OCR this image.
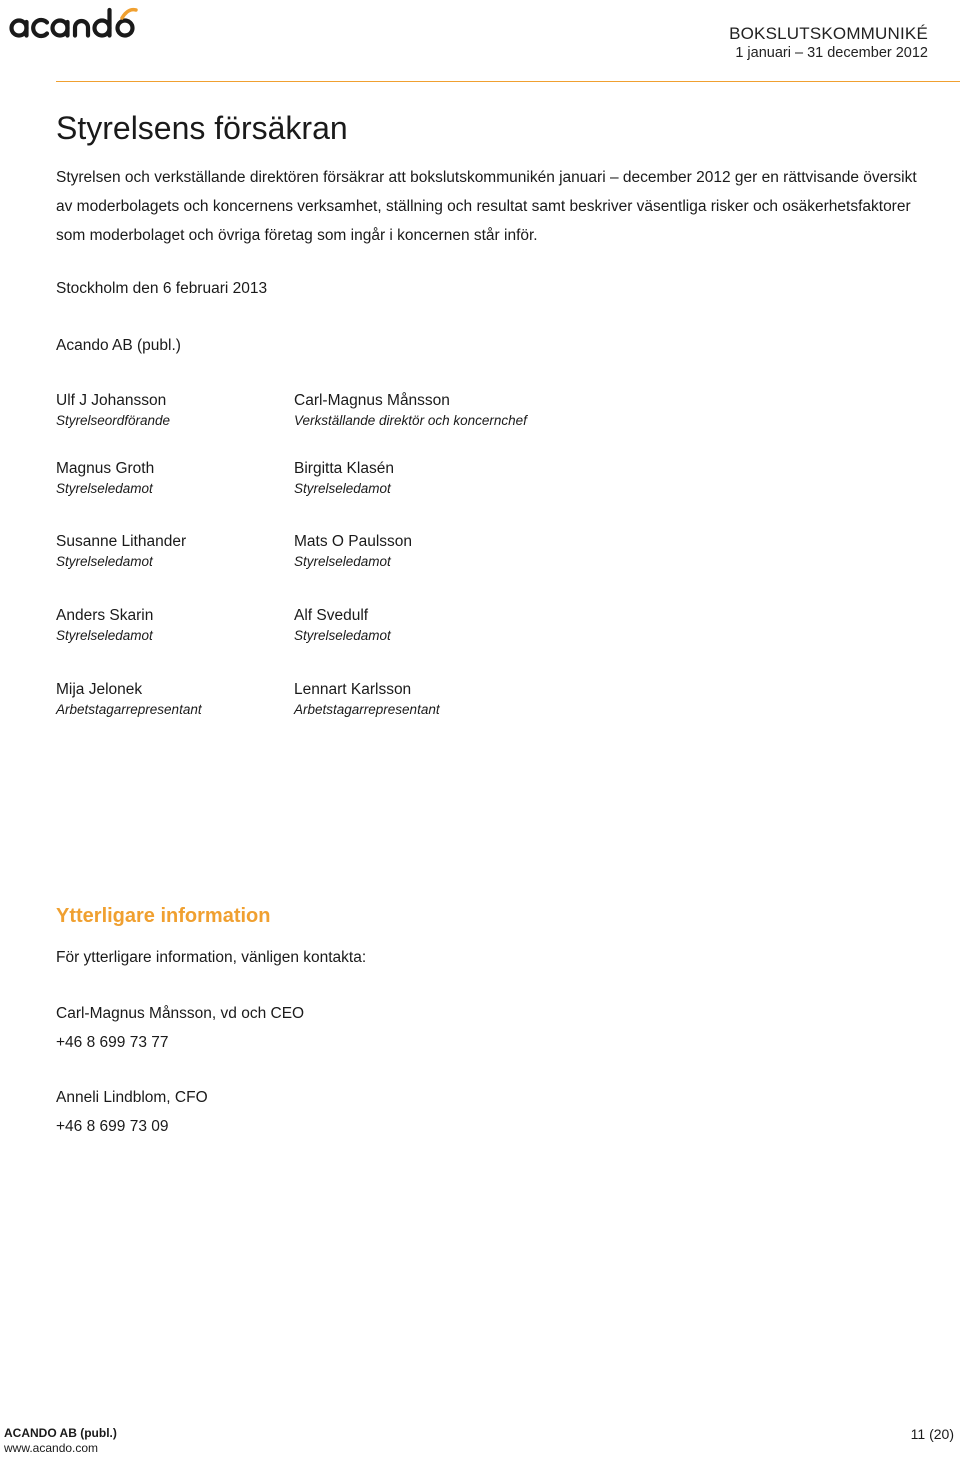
BOKSLUTSKOMMUNIKÉ
1 januari – 31 december 2012
Styrelsens försäkran

Styrelsen och verkställande direktören försäkrar att bokslutskommunikén januari – december 2012 ger en rättvisande översikt av moderbolagets och koncernens verksamhet, ställning och resultat samt beskriver väsentliga risker och osäkerhetsfaktorer som moderbolaget och övriga företag som ingår i koncernen står inför.

Stockholm den 6 februari 2013
Acando AB (publ.)
Ulf J Johansson
Styrelseordförande
Carl-Magnus Månsson
Verkställande direktör och koncernchef
Magnus Groth
Styrelseledamot
Birgitta Klasén
Styrelseledamot
Susanne Lithander
Styrelseledamot
Mats O Paulsson
Styrelseledamot
Anders Skarin
Styrelseledamot
Alf Svedulf
Styrelseledamot
Mija Jelonek
Arbetstagarrepresentant
Lennart Karlsson
Arbetstagarrepresentant
Ytterligare information
För ytterligare information, vänligen kontakta:
Carl-Magnus Månsson, vd och CEO
+46 8 699 73 77
Anneli Lindblom, CFO
+46 8 699 73 09
ACANDO AB (publ.)
www.acando.com
11 (20)
